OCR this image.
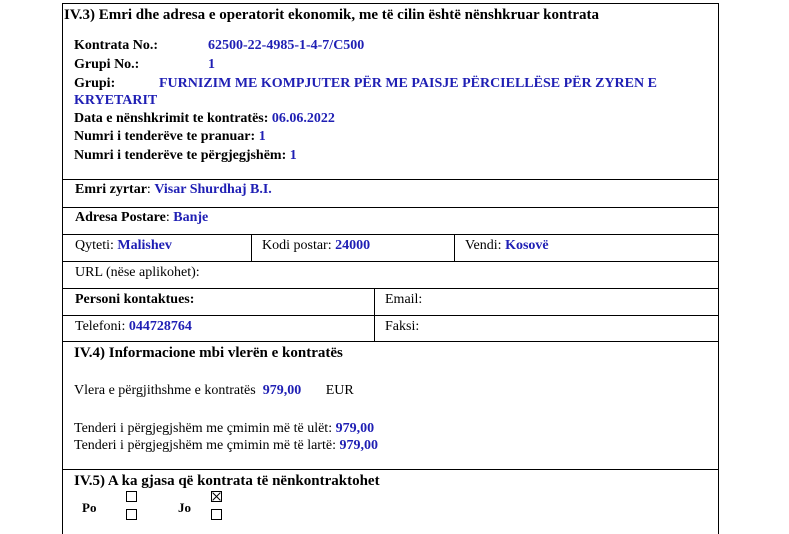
IV.3) Emri dhe adresa e operatorit ekonomik, me të cilin është nënshkruar kontrata
Kontrata No.:	62500-22-4985-1-4-7/C500
Grupi No.:	1
Grupi:	FURNIZIM ME KOMPJUTER PËR ME PAISJE PËRCIELLËSE PËR ZYREN E
KRYETARIT
Data e nënshkrimit te kontratës: 06.06.2022
Numri i tenderëve te pranuar: 1
Numri i tenderëve te përgjegjshëm: 1
Emri zyrtar: Visar Shurdhaj B.I.
Adresa Postare: Banje
Qyteti: Malishev	Kodi postar: 24000	Vendi: Kosovë
URL (nëse aplikohet):
Personi kontaktues:	Email:
Telefoni: 044728764	Faksi:
IV.4) Informacione mbi vlerën e kontratës
Vlera e përgjithshme e kontratës 979,00 EUR
Tenderi i përgjegjshëm me çmimin më të ulët: 979,00
Tenderi i përgjegjshëm me çmimin më të lartë: 979,00
IV.5) A ka gjasa që kontrata të nënkontraktohet
Po	Jo
